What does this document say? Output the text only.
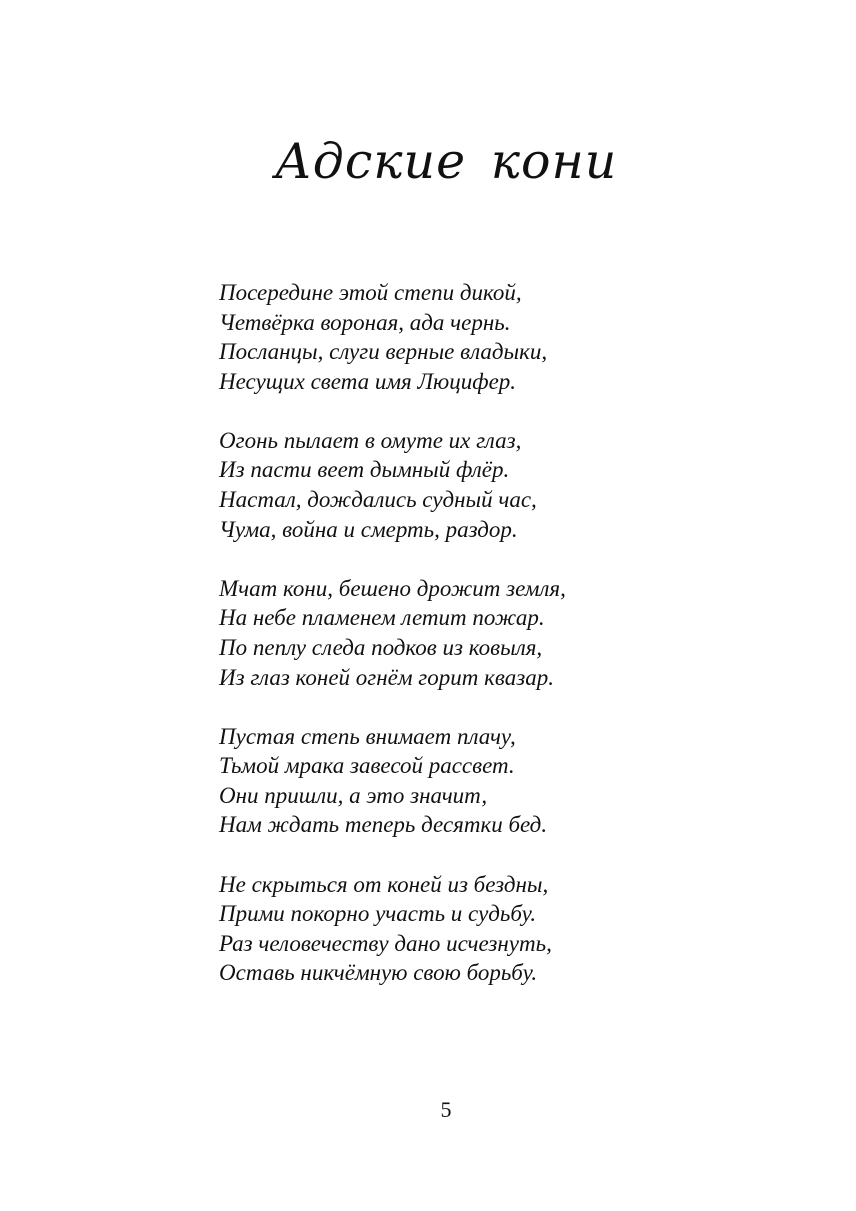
Адские кони
Посередине этой степи дикой,
Четвёрка вороная, ада чернь.
Посланцы, слуги верные владыки,
Несущих света имя Люцифер.
Огонь пылает в омуте их глаз,
Из пасти веет дымный флёр.
Настал, дождались судный час,
Чума, война и смерть, раздор.
Мчат кони, бешено дрожит земля,
На небе пламенем летит пожар.
По пеплу следа подков из ковыля,
Из глаз коней огнём горит квазар.
Пустая степь внимает плачу,
Тьмой мрака завесой рассвет.
Они пришли, а это значит,
Нам ждать теперь десятки бед.
Не скрыться от коней из бездны,
Прими покорно участь и судьбу.
Раз человечеству дано исчезнуть,
Оставь никчёмную свою борьбу.
5
